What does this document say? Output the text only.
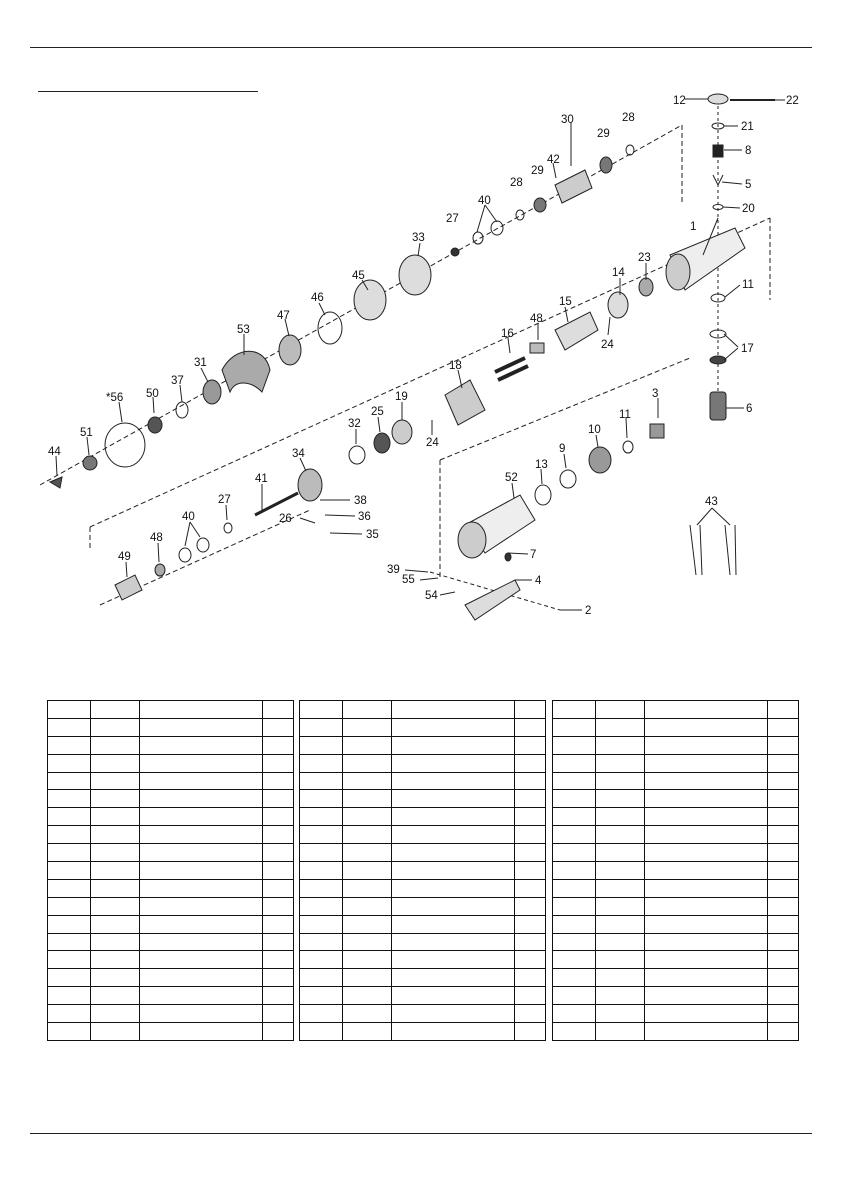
12	22
21
8
5
20
11
17
6
30	28
29
42
28
29
40
27
33
45
46
47
53
31
37
50
*56
51
44
1
23
14
24
15
48
16
18
19
25
32
24
34
38
36
35
26
41
27
40
48
49
3
11
10
9
13
52
7
4
39
55
54
2
43
